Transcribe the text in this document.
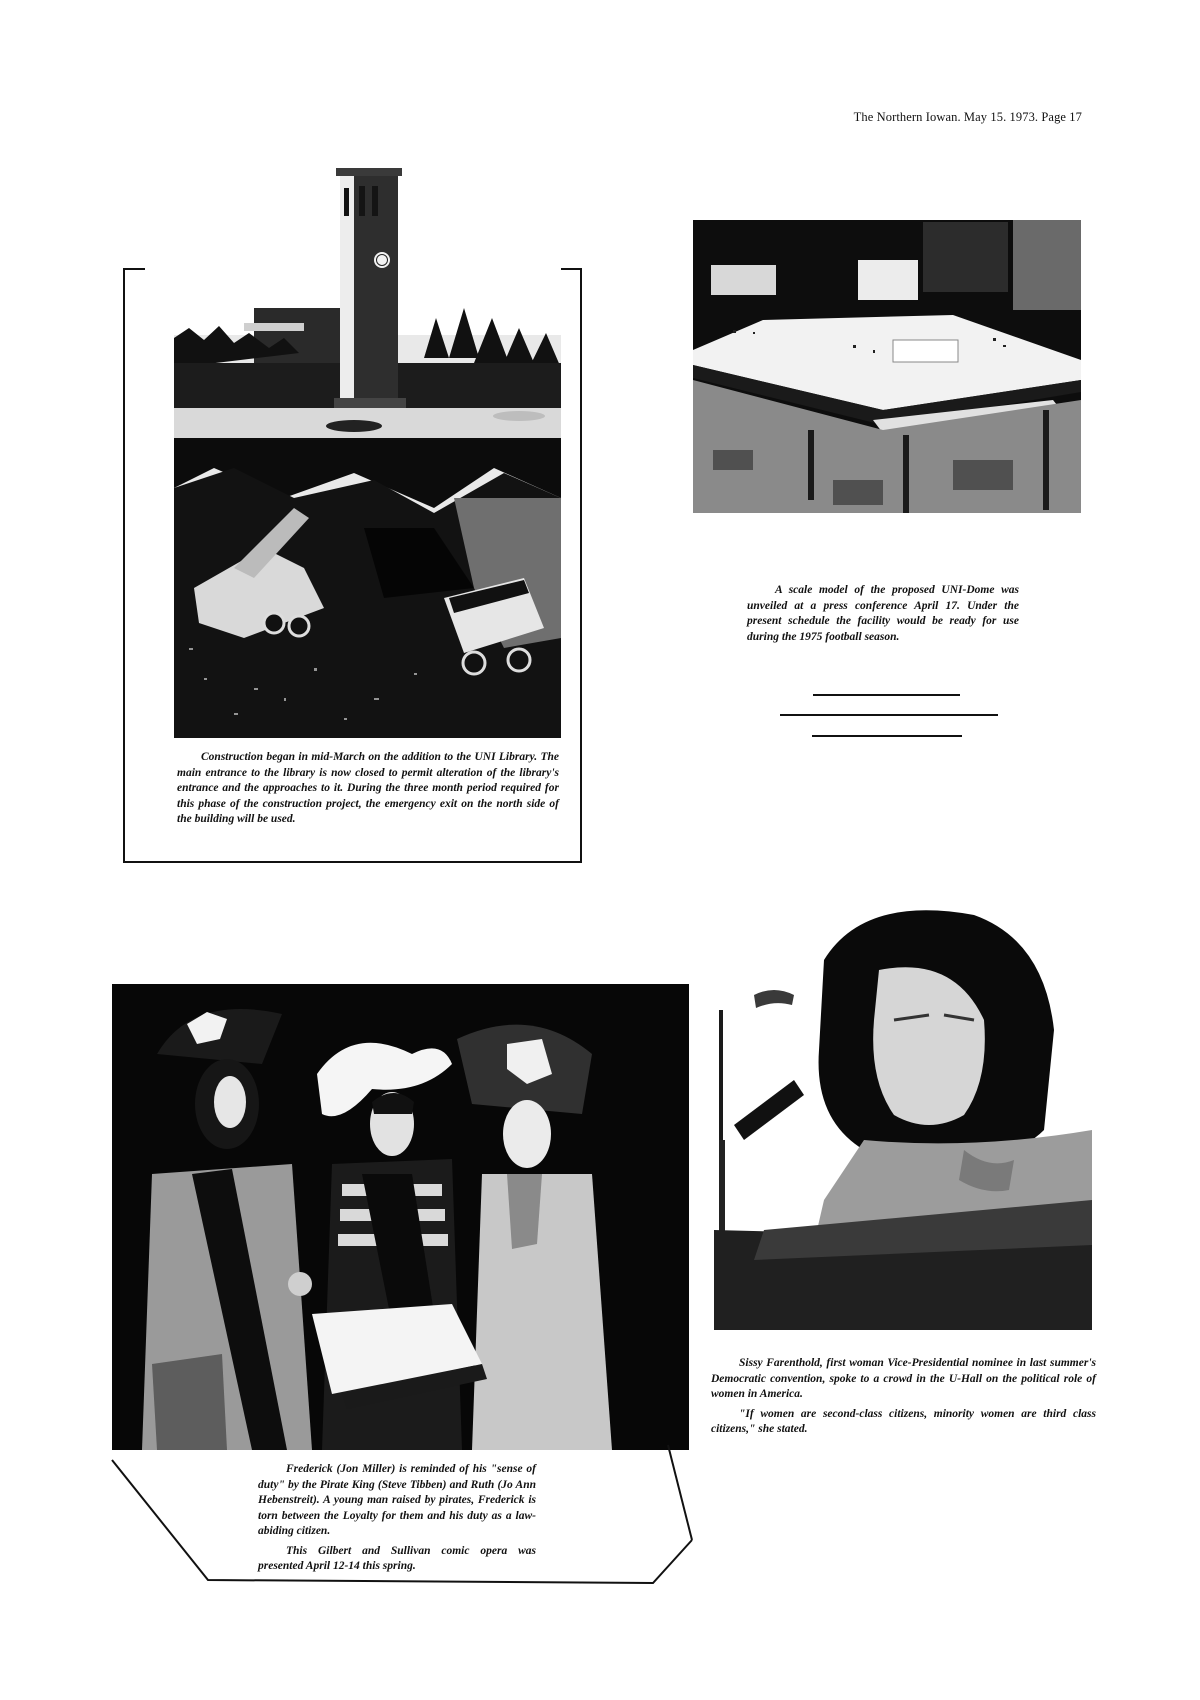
The Northern Iowan. May 15. 1973. Page 17

Construction began in mid-March on the addition to the UNI Library. The main entrance to the library is now closed to permit alteration of the library's entrance and the approaches to it. During the three month period required for this phase of the construction project, the emergency exit on the north side of the building will be used.

A scale model of the proposed UNI-Dome was unveiled at a press conference April 17. Under the present schedule the facility would be ready for use during the 1975 football season.

Frederick (Jon Miller) is reminded of his "sense of duty" by the Pirate King (Steve Tibben) and Ruth (Jo Ann Hebenstreit). A young man raised by pirates, Frederick is torn between the Loyalty for them and his duty as a law-abiding citizen.

This Gilbert and Sullivan comic opera was presented April 12-14 this spring.

Sissy Farenthold, first woman Vice-Presidential nominee in last summer's Democratic convention, spoke to a crowd in the U-Hall on the political role of women in America.

"If women are second-class citizens, minority women are third class citizens," she stated.
